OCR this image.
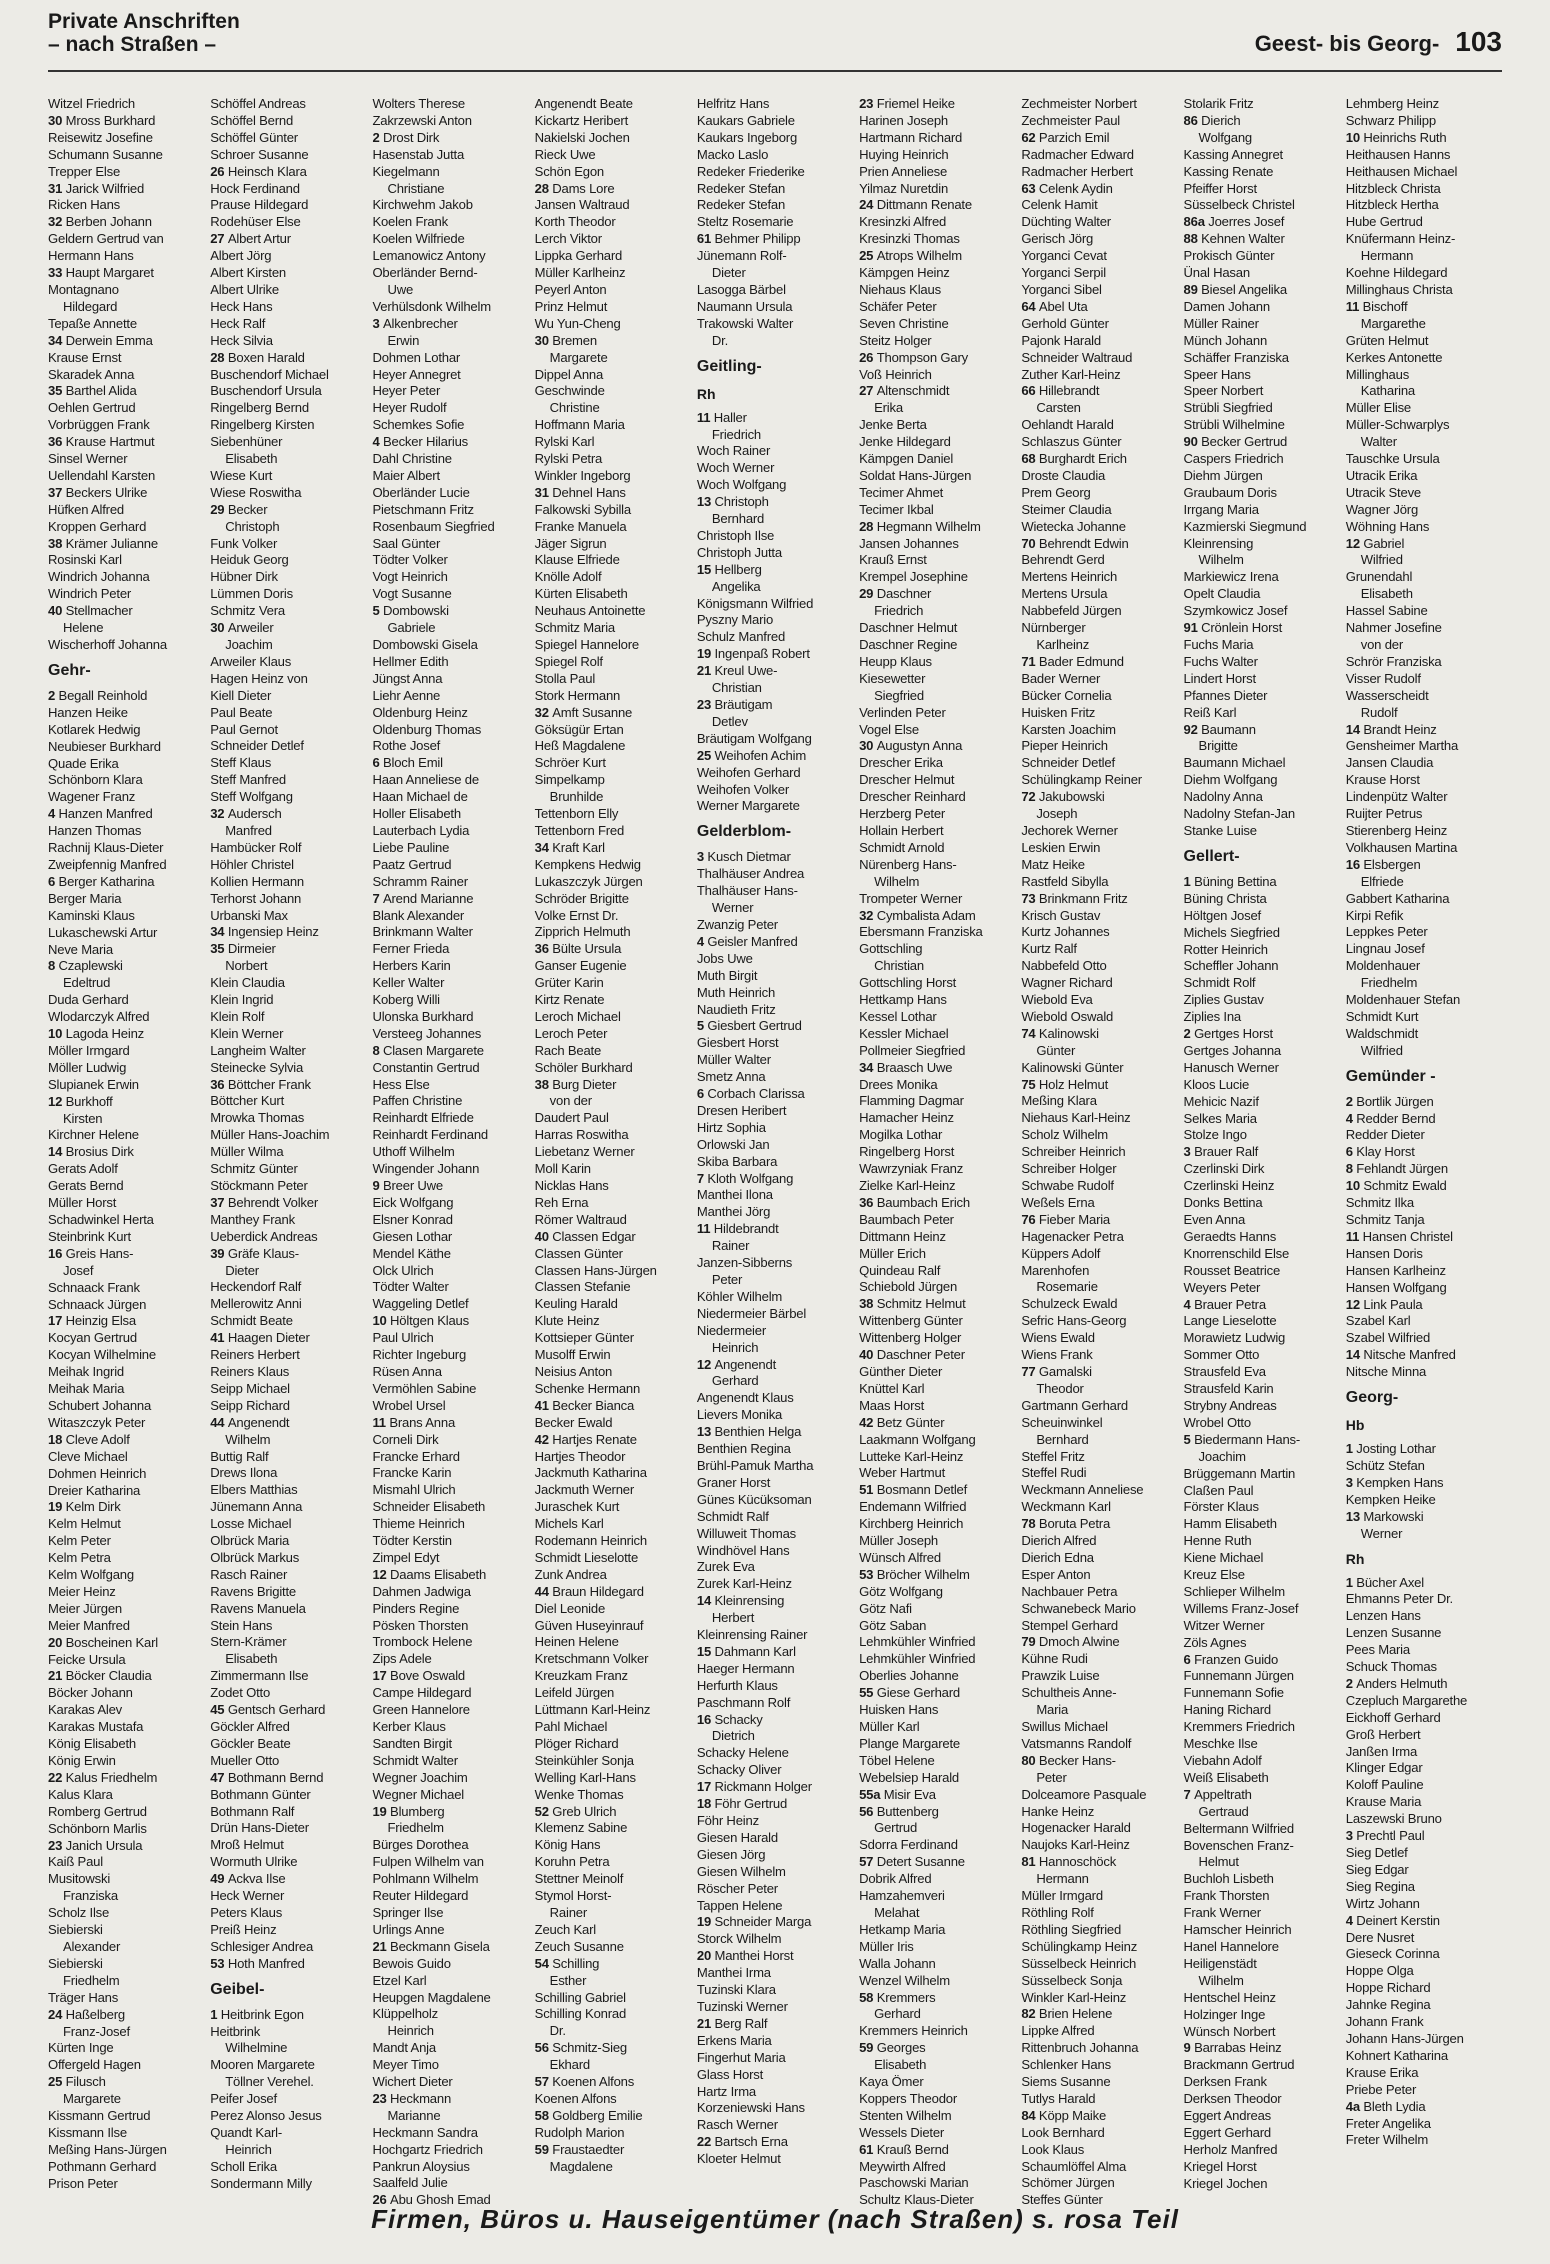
Private Anschriften
– nach Straßen –	Geest- bis Georg- 103
Witzel Friedrich
30 Mross Burkhard
Reisewitz Josefine
Schumann Susanne
Trepper Else
31 Jarick Wilfried
Ricken Hans
32 Berben Johann
Geldern Gertrud van
Hermann Hans
33 Haupt Margaret
Montagnano
Hildegard
Tepaße Annette
34 Derwein Emma
Krause Ernst
Skaradek Anna
35 Barthel Alida
Oehlen Gertrud
Vorbrüggen Frank
36 Krause Hartmut
Sinsel Werner
Uellendahl Karsten
37 Beckers Ulrike
Hüfken Alfred
Kroppen Gerhard
38 Krämer Julianne
Rosinski Karl
Windrich Johanna
Windrich Peter
40 Stellmacher
Helene
Wischerhoff Johanna
Gehr-
2 Begall Reinhold
Hanzen Heike
Kotlarek Hedwig
Neubieser Burkhard
Quade Erika
Schönborn Klara
Wagener Franz
4 Hanzen Manfred
Hanzen Thomas
Rachnij Klaus-Dieter
Zweipfennig Manfred
6 Berger Katharina
Berger Maria
Kaminski Klaus
Lukaschewski Artur
Neve Maria
8 Czaplewski
Edeltrud
Duda Gerhard
Wlodarczyk Alfred
10 Lagoda Heinz
Möller Irmgard
Möller Ludwig
Slupianek Erwin
12 Burkhoff
Kirsten
Kirchner Helene
14 Brosius Dirk
Gerats Adolf
Gerats Bernd
Müller Horst
Schadwinkel Herta
Steinbrink Kurt
16 Greis Hans-
Josef
Schnaack Frank
Schnaack Jürgen
17 Heinzig Elsa
Kocyan Gertrud
Kocyan Wilhelmine
Meihak Ingrid
Meihak Maria
Schubert Johanna
Witaszczyk Peter
18 Cleve Adolf
Cleve Michael
Dohmen Heinrich
Dreier Katharina
19 Kelm Dirk
Kelm Helmut
Kelm Peter
Kelm Petra
Kelm Wolfgang
Meier Heinz
Meier Jürgen
Meier Manfred
20 Boscheinen Karl
Feicke Ursula
21 Böcker Claudia
Böcker Johann
Karakas Alev
Karakas Mustafa
König Elisabeth
König Erwin
22 Kalus Friedhelm
Kalus Klara
Romberg Gertrud
Schönborn Marlis
23 Janich Ursula
Kaiß Paul
Musitowski
Franziska
Scholz Ilse
Siebierski
Alexander
Siebierski
Friedhelm
Träger Hans
24 Haßelberg
Franz-Josef
Kürten Inge
Offergeld Hagen
25 Filusch
Margarete
Kissmann Gertrud
Kissmann Ilse
Meßing Hans-Jürgen
Pothmann Gerhard
Prison Peter
Schöffel Andreas
Schöffel Bernd
Schöffel Günter
Schroer Susanne
26 Heinsch Klara
Hock Ferdinand
Prause Hildegard
Rodehüser Else
27 Albert Artur
Albert Jörg
Albert Kirsten
Albert Ulrike
Heck Hans
Heck Ralf
Heck Silvia
28 Boxen Harald
Buschendorf Michael
Buschendorf Ursula
Ringelberg Bernd
Ringelberg Kirsten
Siebenhüner
Elisabeth
Wiese Kurt
Wiese Roswitha
29 Becker
Christoph
Funk Volker
Heiduk Georg
Hübner Dirk
Lümmen Doris
Schmitz Vera
30 Arweiler
Joachim
Arweiler Klaus
Hagen Heinz von
Kiell Dieter
Paul Beate
Paul Gernot
Schneider Detlef
Steff Klaus
Steff Manfred
Steff Wolfgang
32 Audersch
Manfred
Hambücker Rolf
Höhler Christel
Kollien Hermann
Terhorst Johann
Urbanski Max
34 Ingensiep Heinz
35 Dirmeier
Norbert
Klein Claudia
Klein Ingrid
Klein Rolf
Klein Werner
Langheim Walter
Steinecke Sylvia
36 Böttcher Frank
Böttcher Kurt
Mrowka Thomas
Müller Hans-Joachim
Müller Wilma
Schmitz Günter
Stöckmann Peter
37 Behrendt Volker
Manthey Frank
Ueberdick Andreas
39 Gräfe Klaus-
Dieter
Heckendorf Ralf
Mellerowitz Anni
Schmidt Beate
41 Haagen Dieter
Reiners Herbert
Reiners Klaus
Seipp Michael
Seipp Richard
44 Angenendt
Wilhelm
Buttig Ralf
Drews Ilona
Elbers Matthias
Jünemann Anna
Losse Michael
Olbrück Maria
Olbrück Markus
Rasch Rainer
Ravens Brigitte
Ravens Manuela
Stein Hans
Stern-Krämer
Elisabeth
Zimmermann Ilse
Zodet Otto
45 Gentsch Gerhard
Göckler Alfred
Göckler Beate
Mueller Otto
47 Bothmann Bernd
Bothmann Günter
Bothmann Ralf
Drün Hans-Dieter
Mroß Helmut
Wormuth Ulrike
49 Ackva Ilse
Heck Werner
Peters Klaus
Preiß Heinz
Schlesiger Andrea
53 Hoth Manfred
Geibel-
1 Heitbrink Egon
Heitbrink
Wilhelmine
Mooren Margarete
Töllner Verehel.
Peifer Josef
Perez Alonso Jesus
Quandt Karl-
Heinrich
Scholl Erika
Sondermann Milly
Wolters Therese
Zakrzewski Anton
2 Drost Dirk
Hasenstab Jutta
Kiegelmann
Christiane
Kirchwehm Jakob
Koelen Frank
Koelen Wilfriede
Lemanowicz Antony
Oberländer Bernd-
Uwe
Verhülsdonk Wilhelm
3 Alkenbrecher
Erwin
Dohmen Lothar
Heyer Annegret
Heyer Peter
Heyer Rudolf
Schemkes Sofie
4 Becker Hilarius
Dahl Christine
Maier Albert
Oberländer Lucie
Pietschmann Fritz
Rosenbaum Siegfried
Saal Günter
Tödter Volker
Vogt Heinrich
Vogt Susanne
5 Dombowski
Gabriele
Dombowski Gisela
Hellmer Edith
Jüngst Anna
Liehr Aenne
Oldenburg Heinz
Oldenburg Thomas
Rothe Josef
6 Bloch Emil
Haan Anneliese de
Haan Michael de
Holler Elisabeth
Lauterbach Lydia
Liebe Pauline
Paatz Gertrud
Schramm Rainer
7 Arend Marianne
Blank Alexander
Brinkmann Walter
Ferner Frieda
Herbers Karin
Keller Walter
Koberg Willi
Ulonska Burkhard
Versteeg Johannes
8 Clasen Margarete
Constantin Gertrud
Hess Else
Paffen Christine
Reinhardt Elfriede
Reinhardt Ferdinand
Uthoff Wilhelm
Wingender Johann
9 Breer Uwe
Eick Wolfgang
Elsner Konrad
Giesen Lothar
Mendel Käthe
Olck Ulrich
Tödter Walter
Waggeling Detlef
10 Höltgen Klaus
Paul Ulrich
Richter Ingeburg
Rüsen Anna
Vermöhlen Sabine
Wrobel Ursel
11 Brans Anna
Corneli Dirk
Francke Erhard
Francke Karin
Mismahl Ulrich
Schneider Elisabeth
Thieme Heinrich
Tödter Kerstin
Zimpel Edyt
12 Daams Elisabeth
Dahmen Jadwiga
Pinders Regine
Pösken Thorsten
Trombock Helene
Zips Adele
17 Bove Oswald
Campe Hildegard
Green Hannelore
Kerber Klaus
Sandten Birgit
Schmidt Walter
Wegner Joachim
Wegner Michael
19 Blumberg
Friedhelm
Bürges Dorothea
Fulpen Wilhelm van
Pohlmann Wilhelm
Reuter Hildegard
Springer Ilse
Urlings Anne
21 Beckmann Gisela
Bewois Guido
Etzel Karl
Heupgen Magdalene
Klüppelholz
Heinrich
Mandt Anja
Meyer Timo
Wichert Dieter
23 Heckmann
Marianne
Heckmann Sandra
Hochgartz Friedrich
Pankrun Aloysius
Saalfeld Julie
26 Abu Ghosh Emad
Angenendt Beate
Kickartz Heribert
Nakielski Jochen
Rieck Uwe
Schön Egon
28 Dams Lore
Jansen Waltraud
Korth Theodor
Lerch Viktor
Lippka Gerhard
Müller Karlheinz
Peyerl Anton
Prinz Helmut
Wu Yun-Cheng
30 Bremen
Margarete
Dippel Anna
Geschwinde
Christine
Hoffmann Maria
Rylski Karl
Rylski Petra
Winkler Ingeborg
31 Dehnel Hans
Falkowski Sybilla
Franke Manuela
Jäger Sigrun
Klause Elfriede
Knölle Adolf
Kürten Elisabeth
Neuhaus Antoinette
Schmitz Maria
Spiegel Hannelore
Spiegel Rolf
Stolla Paul
Stork Hermann
32 Amft Susanne
Göksügür Ertan
Heß Magdalene
Schröer Kurt
Simpelkamp
Brunhilde
Tettenborn Elly
Tettenborn Fred
34 Kraft Karl
Kempkens Hedwig
Lukaszczyk Jürgen
Schröder Brigitte
Volke Ernst Dr.
Zipprich Helmuth
36 Bülte Ursula
Ganser Eugenie
Grüter Karin
Kirtz Renate
Leroch Michael
Leroch Peter
Rach Beate
Schöler Burkhard
38 Burg Dieter
von der
Daudert Paul
Harras Roswitha
Liebetanz Werner
Moll Karin
Nicklas Hans
Reh Erna
Römer Waltraud
40 Classen Edgar
Classen Günter
Classen Hans-Jürgen
Classen Stefanie
Keuling Harald
Klute Heinz
Kottsieper Günter
Musolff Erwin
Neisius Anton
Schenke Hermann
41 Becker Bianca
Becker Ewald
42 Hartjes Renate
Hartjes Theodor
Jackmuth Katharina
Jackmuth Werner
Juraschek Kurt
Michels Karl
Rodemann Heinrich
Schmidt Lieselotte
Zunk Andrea
44 Braun Hildegard
Diel Leonide
Güven Huseyinrauf
Heinen Helene
Kretschmann Volker
Kreuzkam Franz
Leifeld Jürgen
Lüttmann Karl-Heinz
Pahl Michael
Plöger Richard
Steinkühler Sonja
Welling Karl-Hans
Wenke Thomas
52 Greb Ulrich
Klemenz Sabine
König Hans
Koruhn Petra
Stettner Meinolf
Stymol Horst-
Rainer
Zeuch Karl
Zeuch Susanne
54 Schilling
Esther
Schilling Gabriel
Schilling Konrad
Dr.
56 Schmitz-Sieg
Ekhard
57 Koenen Alfons
Koenen Alfons
58 Goldberg Emilie
Rudolph Marion
59 Fraustaedter
Magdalene
Helfritz Hans
Kaukars Gabriele
Kaukars Ingeborg
Macko Laslo
Redeker Friederike
Redeker Stefan
Redeker Stefan
Steltz Rosemarie
61 Behmer Philipp
Jünemann Rolf-
Dieter
Lasogga Bärbel
Naumann Ursula
Trakowski Walter
Dr.
Geitling-
Rh
11 Haller
Friedrich
Woch Rainer
Woch Werner
Woch Wolfgang
13 Christoph
Bernhard
Christoph Ilse
Christoph Jutta
15 Hellberg
Angelika
Königsmann Wilfried
Pyszny Mario
Schulz Manfred
19 Ingenpaß Robert
21 Kreul Uwe-
Christian
23 Bräutigam
Detlev
Bräutigam Wolfgang
25 Weihofen Achim
Weihofen Gerhard
Weihofen Volker
Werner Margarete
Gelderblom-
3 Kusch Dietmar
Thalhäuser Andrea
Thalhäuser Hans-
Werner
Zwanzig Peter
4 Geisler Manfred
Jobs Uwe
Muth Birgit
Muth Heinrich
Naudieth Fritz
5 Giesbert Gertrud
Giesbert Horst
Müller Walter
Smetz Anna
6 Corbach Clarissa
Dresen Heribert
Hirtz Sophia
Orlowski Jan
Skiba Barbara
7 Kloth Wolfgang
Manthei Ilona
Manthei Jörg
11 Hildebrandt
Rainer
Janzen-Sibberns
Peter
Köhler Wilhelm
Niedermeier Bärbel
Niedermeier
Heinrich
12 Angenendt
Gerhard
Angenendt Klaus
Lievers Monika
13 Benthien Helga
Benthien Regina
Brühl-Pamuk Martha
Graner Horst
Günes Kücüksoman
Schmidt Ralf
Willuweit Thomas
Windhövel Hans
Zurek Eva
Zurek Karl-Heinz
14 Kleinrensing
Herbert
Kleinrensing Rainer
15 Dahmann Karl
Haeger Hermann
Herfurth Klaus
Paschmann Rolf
16 Schacky
Dietrich
Schacky Helene
Schacky Oliver
17 Rickmann Holger
18 Föhr Gertrud
Föhr Heinz
Giesen Harald
Giesen Jörg
Giesen Wilhelm
Röscher Peter
Tappen Helene
19 Schneider Marga
Storck Wilhelm
20 Manthei Horst
Manthei Irma
Tuzinski Klara
Tuzinski Werner
21 Berg Ralf
Erkens Maria
Fingerhut Maria
Glass Horst
Hartz Irma
Korzeniewski Hans
Rasch Werner
22 Bartsch Erna
Kloeter Helmut
23 Friemel Heike
Harinen Joseph
Hartmann Richard
Huying Heinrich
Prien Anneliese
Yilmaz Nuretdin
24 Dittmann Renate
Kresinzki Alfred
Kresinzki Thomas
25 Atrops Wilhelm
Kämpgen Heinz
Niehaus Klaus
Schäfer Peter
Seven Christine
Steitz Holger
26 Thompson Gary
Voß Heinrich
27 Altenschmidt
Erika
Jenke Berta
Jenke Hildegard
Kämpgen Daniel
Soldat Hans-Jürgen
Tecimer Ahmet
Tecimer Ikbal
28 Hegmann Wilhelm
Jansen Johannes
Krauß Ernst
Krempel Josephine
29 Daschner
Friedrich
Daschner Helmut
Daschner Regine
Heupp Klaus
Kiesewetter
Siegfried
Verlinden Peter
Vogel Else
30 Augustyn Anna
Drescher Erika
Drescher Helmut
Drescher Reinhard
Herzberg Peter
Hollain Herbert
Schmidt Arnold
Nürenberg Hans-
Wilhelm
Trompeter Werner
32 Cymbalista Adam
Ebersmann Franziska
Gottschling
Christian
Gottschling Horst
Hettkamp Hans
Kessel Lothar
Kessler Michael
Pollmeier Siegfried
34 Braasch Uwe
Drees Monika
Flamming Dagmar
Hamacher Heinz
Mogilka Lothar
Ringelberg Horst
Wawrzyniak Franz
Zielke Karl-Heinz
36 Baumbach Erich
Baumbach Peter
Dittmann Heinz
Müller Erich
Quindeau Ralf
Schiebold Jürgen
38 Schmitz Helmut
Wittenberg Günter
Wittenberg Holger
40 Daschner Peter
Günther Dieter
Knüttel Karl
Maas Horst
42 Betz Günter
Laakmann Wolfgang
Lutteke Karl-Heinz
Weber Hartmut
51 Bosmann Detlef
Endemann Wilfried
Kirchberg Heinrich
Müller Joseph
Wünsch Alfred
53 Bröcher Wilhelm
Götz Wolfgang
Götz Nafi
Götz Saban
Lehmkühler Winfried
Lehmkühler Winfried
Oberlies Johanne
55 Giese Gerhard
Huisken Hans
Müller Karl
Plange Margarete
Töbel Helene
Webelsiep Harald
55a Misir Eva
56 Buttenberg
Gertrud
Sdorra Ferdinand
57 Detert Susanne
Dobrik Alfred
Hamzahemveri
Melahat
Hetkamp Maria
Müller Iris
Walla Johann
Wenzel Wilhelm
58 Kremmers
Gerhard
Kremmers Heinrich
59 Georges
Elisabeth
Kaya Ömer
Koppers Theodor
Stenten Wilhelm
Wessels Dieter
61 Krauß Bernd
Meywirth Alfred
Paschowski Marian
Schultz Klaus-Dieter
Zechmeister Norbert
Zechmeister Paul
62 Parzich Emil
Radmacher Edward
Radmacher Herbert
63 Celenk Aydin
Celenk Hamit
Düchting Walter
Gerisch Jörg
Yorganci Cevat
Yorganci Serpil
Yorganci Sibel
64 Abel Uta
Gerhold Günter
Pajonk Harald
Schneider Waltraud
Zuther Karl-Heinz
66 Hillebrandt
Carsten
Oehlandt Harald
Schlaszus Günter
68 Burghardt Erich
Droste Claudia
Prem Georg
Steimer Claudia
Wietecka Johanne
70 Behrendt Edwin
Behrendt Gerd
Mertens Heinrich
Mertens Ursula
Nabbefeld Jürgen
Nürnberger
Karlheinz
71 Bader Edmund
Bader Werner
Bücker Cornelia
Huisken Fritz
Karsten Joachim
Pieper Heinrich
Schneider Detlef
Schülingkamp Reiner
72 Jakubowski
Joseph
Jechorek Werner
Leskien Erwin
Matz Heike
Rastfeld Sibylla
73 Brinkmann Fritz
Krisch Gustav
Kurtz Johannes
Kurtz Ralf
Nabbefeld Otto
Wagner Richard
Wiebold Eva
Wiebold Oswald
74 Kalinowski
Günter
Kalinowski Günter
75 Holz Helmut
Meßing Klara
Niehaus Karl-Heinz
Scholz Wilhelm
Schreiber Heinrich
Schreiber Holger
Schwabe Rudolf
Weßels Erna
76 Fieber Maria
Hagenacker Petra
Küppers Adolf
Marenhofen
Rosemarie
Schulzeck Ewald
Sefric Hans-Georg
Wiens Ewald
Wiens Frank
77 Gamalski
Theodor
Gartmann Gerhard
Scheuinwinkel
Bernhard
Steffel Fritz
Steffel Rudi
Weckmann Anneliese
Weckmann Karl
78 Boruta Petra
Dierich Alfred
Dierich Edna
Esper Anton
Nachbauer Petra
Schwanebeck Mario
Stempel Gerhard
79 Dmoch Alwine
Kühne Rudi
Prawzik Luise
Schultheis Anne-
Maria
Swillus Michael
Vatsmanns Randolf
80 Becker Hans-
Peter
Dolceamore Pasquale
Hanke Heinz
Hogenacker Harald
Naujoks Karl-Heinz
81 Hannoschöck
Hermann
Müller Irmgard
Röthling Rolf
Röthling Siegfried
Schülingkamp Heinz
Süsselbeck Heinrich
Süsselbeck Sonja
Winkler Karl-Heinz
82 Brien Helene
Lippke Alfred
Rittenbruch Johanna
Schlenker Hans
Siems Susanne
Tutlys Harald
84 Köpp Maike
Look Bernhard
Look Klaus
Schaumlöffel Alma
Schömer Jürgen
Steffes Günter
Stolarik Fritz
86 Dierich
Wolfgang
Kassing Annegret
Kassing Renate
Pfeiffer Horst
Süsselbeck Christel
86a Joerres Josef
88 Kehnen Walter
Prokisch Günter
Ünal Hasan
89 Biesel Angelika
Damen Johann
Müller Rainer
Münch Johann
Schäffer Franziska
Speer Hans
Speer Norbert
Strübli Siegfried
Strübli Wilhelmine
90 Becker Gertrud
Caspers Friedrich
Diehm Jürgen
Graubaum Doris
Irrgang Maria
Kazmierski Siegmund
Kleinrensing
Wilhelm
Markiewicz Irena
Opelt Claudia
Szymkowicz Josef
91 Crönlein Horst
Fuchs Maria
Fuchs Walter
Lindert Horst
Pfannes Dieter
Reiß Karl
92 Baumann
Brigitte
Baumann Michael
Diehm Wolfgang
Nadolny Anna
Nadolny Stefan-Jan
Stanke Luise
Gellert-
1 Büning Bettina
Büning Christa
Höltgen Josef
Michels Siegfried
Rotter Heinrich
Scheffler Johann
Schmidt Rolf
Ziplies Gustav
Ziplies Ina
2 Gertges Horst
Gertges Johanna
Hanusch Werner
Kloos Lucie
Mehicic Nazif
Selkes Maria
Stolze Ingo
3 Brauer Ralf
Czerlinski Dirk
Czerlinski Heinz
Donks Bettina
Even Anna
Geraedts Hanns
Knorrenschild Else
Rousset Beatrice
Weyers Peter
4 Brauer Petra
Lange Lieselotte
Morawietz Ludwig
Sommer Otto
Strausfeld Eva
Strausfeld Karin
Strybny Andreas
Wrobel Otto
5 Biedermann Hans-
Joachim
Brüggemann Martin
Claßen Paul
Förster Klaus
Hamm Elisabeth
Henne Ruth
Kiene Michael
Kreuz Else
Schlieper Wilhelm
Willems Franz-Josef
Witzer Werner
Zöls Agnes
6 Franzen Guido
Funnemann Jürgen
Funnemann Sofie
Haning Richard
Kremmers Friedrich
Meschke Ilse
Viebahn Adolf
Weiß Elisabeth
7 Appeltrath
Gertraud
Beltermann Wilfried
Bovenschen Franz-
Helmut
Buchloh Lisbeth
Frank Thorsten
Frank Werner
Hamscher Heinrich
Hanel Hannelore
Heiligenstädt
Wilhelm
Hentschel Heinz
Holzinger Inge
Wünsch Norbert
9 Barrabas Heinz
Brackmann Gertrud
Derksen Frank
Derksen Theodor
Eggert Andreas
Eggert Gerhard
Herholz Manfred
Kriegel Horst
Kriegel Jochen
Lehmberg Heinz
Schwarz Philipp
10 Heinrichs Ruth
Heithausen Hanns
Heithausen Michael
Hitzbleck Christa
Hitzbleck Hertha
Hube Gertrud
Knüfermann Heinz-
Hermann
Koehne Hildegard
Millinghaus Christa
11 Bischoff
Margarethe
Grüten Helmut
Kerkes Antonette
Millinghaus
Katharina
Müller Elise
Müller-Schwarplys
Walter
Tauschke Ursula
Utracik Erika
Utracik Steve
Wagner Jörg
Wöhning Hans
12 Gabriel
Wilfried
Grunendahl
Elisabeth
Hassel Sabine
Nahmer Josefine
von der
Schrör Franziska
Visser Rudolf
Wasserscheidt
Rudolf
14 Brandt Heinz
Gensheimer Martha
Jansen Claudia
Krause Horst
Lindenpütz Walter
Ruijter Petrus
Stierenberg Heinz
Volkhausen Martina
16 Elsbergen
Elfriede
Gabbert Katharina
Kirpi Refik
Leppkes Peter
Lingnau Josef
Moldenhauer
Friedhelm
Moldenhauer Stefan
Schmidt Kurt
Waldschmidt
Wilfried
Gemünder -
2 Bortlik Jürgen
4 Redder Bernd
Redder Dieter
6 Klay Horst
8 Fehlandt Jürgen
10 Schmitz Ewald
Schmitz Ilka
Schmitz Tanja
11 Hansen Christel
Hansen Doris
Hansen Karlheinz
Hansen Wolfgang
12 Link Paula
Szabel Karl
Szabel Wilfried
14 Nitsche Manfred
Nitsche Minna
Georg-
Hb
1 Josting Lothar
Schütz Stefan
3 Kempken Hans
Kempken Heike
13 Markowski
Werner
Rh
1 Bücher Axel
Ehmanns Peter Dr.
Lenzen Hans
Lenzen Susanne
Pees Maria
Schuck Thomas
2 Anders Helmuth
Czepluch Margarethe
Eickhoff Gerhard
Groß Herbert
Janßen Irma
Klinger Edgar
Koloff Pauline
Krause Maria
Laszewski Bruno
3 Prechtl Paul
Sieg Detlef
Sieg Edgar
Sieg Regina
Wirtz Johann
4 Deinert Kerstin
Dere Nusret
Gieseck Corinna
Hoppe Olga
Hoppe Richard
Jahnke Regina
Johann Frank
Johann Hans-Jürgen
Kohnert Katharina
Krause Erika
Priebe Peter
4a Bleth Lydia
Freter Angelika
Freter Wilhelm
Firmen, Büros u. Hauseigentümer (nach Straßen) s. rosa Teil
